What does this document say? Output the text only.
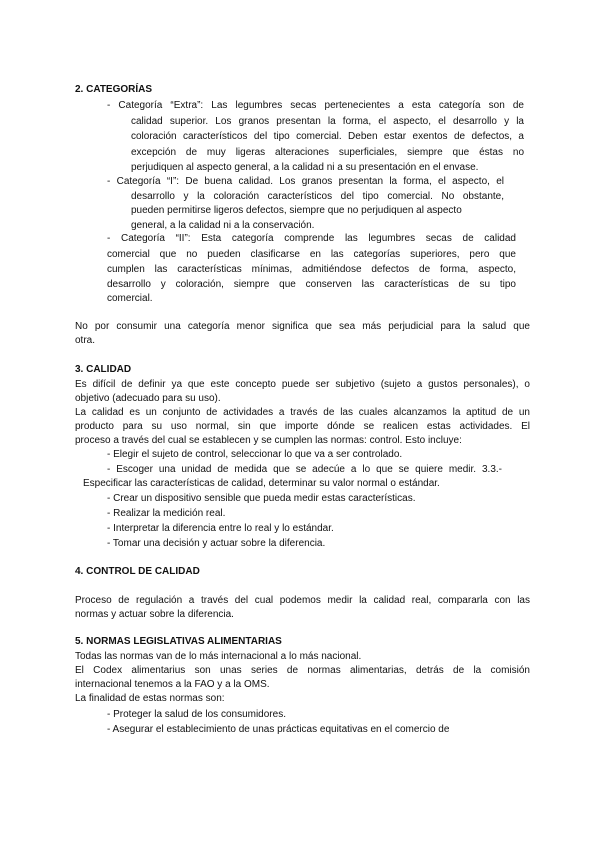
2. CATEGORÍAS
- Categoría “Extra”: Las legumbres secas pertenecientes a esta categoría son de
calidad superior. Los granos presentan la forma, el aspecto, el desarrollo y la
coloración característicos del tipo comercial. Deben estar exentos de defectos, a
excepción de muy ligeras alteraciones superficiales, siempre que éstas no
perjudiquen al aspecto general, a la calidad ni a su presentación en el envase.
- Categoría “I”: De buena calidad. Los granos presentan la forma, el aspecto, el
desarrollo y la coloración característicos del tipo comercial. No obstante,
pueden permitirse ligeros defectos, siempre que no perjudiquen al aspecto
general, a la calidad ni a la conservación.
- Categoría “II”: Esta categoría comprende las legumbres secas de calidad
comercial que no pueden clasificarse en las categorías superiores, pero que
cumplen las características mínimas, admitiéndose defectos de forma, aspecto,
desarrollo y coloración, siempre que conserven las características de su tipo
comercial.
No por consumir una categoría menor significa que sea más perjudicial para la salud que
otra.
3. CALIDAD
Es difícil de definir ya que este concepto puede ser subjetivo (sujeto a gustos personales), o
objetivo (adecuado para su uso).
La calidad es un conjunto de actividades a través de las cuales alcanzamos la aptitud de un
producto para su uso normal, sin que importe dónde se realicen estas actividades. El
proceso a través del cual se establecen y se cumplen las normas: control. Esto incluye:
- Elegir el sujeto de control, seleccionar lo que va a ser controlado.
- Escoger una unidad de medida que se adecúe a lo que se quiere medir. 3.3.-
Especificar las características de calidad, determinar su valor normal o estándar.
- Crear un dispositivo sensible que pueda medir estas características.
- Realizar la medición real.
- Interpretar la diferencia entre lo real y lo estándar.
- Tomar una decisión y actuar sobre la diferencia.
4. CONTROL DE CALIDAD
Proceso de regulación a través del cual podemos medir la calidad real, compararla con las
normas y actuar sobre la diferencia.
5. NORMAS LEGISLATIVAS ALIMENTARIAS
Todas las normas van de lo más internacional a lo más nacional.
El Codex alimentarius son unas series de normas alimentarias, detrás de la comisión
internacional tenemos a la FAO y a la OMS.
La finalidad de estas normas son:
- Proteger la salud de los consumidores.
- Asegurar el establecimiento de unas prácticas equitativas en el comercio de
